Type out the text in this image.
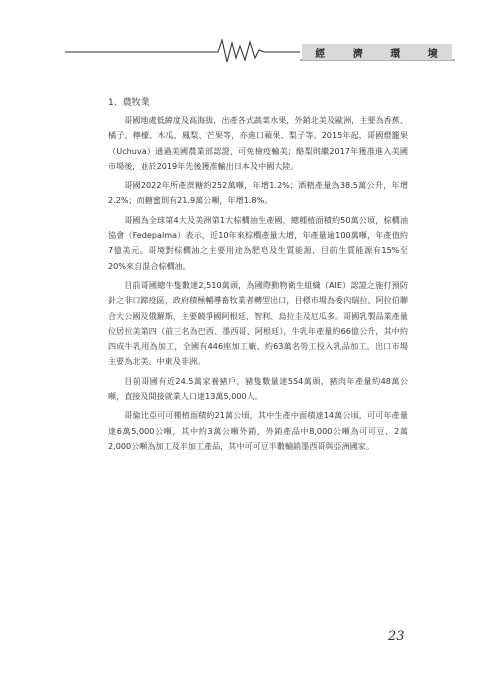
經	濟	環	境
1、農牧業

哥國地處低緯度及高海拔，出產各式蔬菜水果，外銷北美及歐洲，主要為香蕉、橘子、檸檬、木瓜、鳳梨、芒果等，亦進口蘋果、梨子等。2015年起，哥國燈籠果（Uchuva）通過美國農業部認證，可免檢疫輸美；酪梨則繼2017年獲准進入美國市場後，並於2019年先後獲准輸出日本及中國大陸。

哥國2022年所產蔗糖約252萬噸，年增1.2%；酒精產量為38.5萬公升，年增2.2%；而糖蜜則有21.9萬公噸，年增1.8%。

哥國為全球第4大及美洲第1大棕櫚油生產國，總種植面積約50萬公頃，棕櫚油協會（Fedepalma）表示，近10年來棕櫚產量大增，年產量逾100萬噸，年產值約7億美元。哥境對棕櫚油之主要用途為肥皂及生質能源，目前生質能源有15%至20%來自混合棕櫚油。

目前哥國總牛隻數達2,510萬頭，為國際動物衛生組織（AIE）認證之施打預防針之非口蹄疫區，政府積極輔導畜牧業者轉型出口，目標市場為委內瑞拉、阿拉伯聯合大公國及俄羅斯，主要競爭國阿根廷、智利、烏拉圭及厄瓜多。哥國乳製品業產量位居拉美第四（前三名為巴西、墨西哥、阿根廷），牛乳年產量約66億公升，其中約四成牛乳用為加工，全國有446座加工廠、約63萬名勞工投入乳品加工，出口市場主要為北美、中東及非洲。

目前哥國有近24.5萬家養豬戶，豬隻數量達554萬頭，豬肉年產量約48萬公噸，直接及間接就業人口達13萬5,000人。

哥倫比亞可可種植面積約21萬公頃，其中生產中面積達14萬公頃，可可年產量達6萬5,000公噸，其中約3萬公噸外銷，外銷產品中8,000公噸為可可豆，2萬2,000公噸為加工及半加工產品，其中可可豆半數輸銷墨西哥與亞洲國家。

23
